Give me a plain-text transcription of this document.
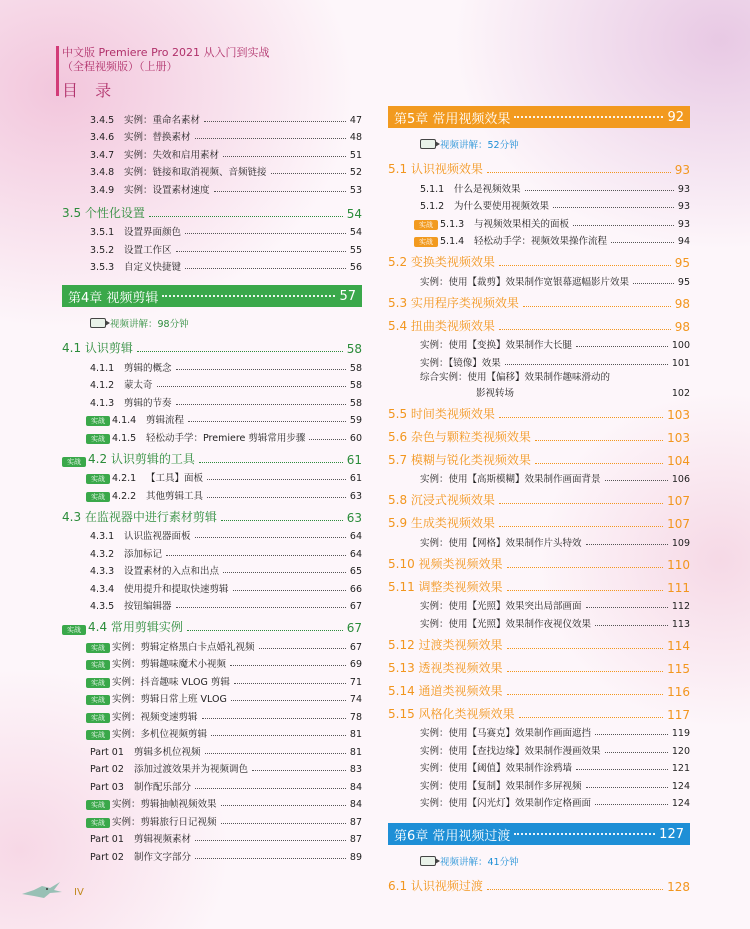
中文版 Premiere Pro 2021 从入门到实战
（全程视频版）（上册）
目 录
3.4.5	实例：重命名素材	47
3.4.6	实例：替换素材	48
3.4.7	实例：失效和启用素材	51
3.4.8	实例：链接和取消视频、音频链接	52
3.4.9	实例：设置素材速度	53
3.5 个性化设置	54
3.5.1	设置界面颜色	54
3.5.2	设置工作区	55
3.5.3	自定义快捷键	56
第4章 视频剪辑	57
视频讲解：98分钟
4.1 认识剪辑	58
4.1.1	剪辑的概念	58
4.1.2	蒙太奇	58
4.1.3	剪辑的节奏	58
实战 4.1.4	剪辑流程	59
实战 4.1.5	轻松动手学：Premiere 剪辑常用步骤	60
实战 4.2 认识剪辑的工具	61
实战 4.2.1	【工具】面板	61
实战 4.2.2	其他剪辑工具	63
4.3 在监视器中进行素材剪辑	63
4.3.1	认识监视器面板	64
4.3.2	添加标记	64
4.3.3	设置素材的入点和出点	65
4.3.4	使用提升和提取快速剪辑	66
4.3.5	按钮编辑器	67
实战 4.4 常用剪辑实例	67
实战 实例：剪辑定格黑白卡点婚礼视频	67
实战 实例：剪辑趣味魔术小视频	69
实战 实例：抖音趣味 VLOG 剪辑	71
实战 实例：剪辑日常上班 VLOG	74
实战 实例：视频变速剪辑	78
实战 实例：多机位视频剪辑	81
Part 01	剪辑多机位视频	81
Part 02	添加过渡效果并为视频调色	83
Part 03	制作配乐部分	84
实战 实例：剪辑抽帧视频效果	84
实战 实例：剪辑旅行日记视频	87
Part 01	剪辑视频素材	87
Part 02	制作文字部分	89
第5章 常用视频效果	92
视频讲解：52分钟
5.1 认识视频效果	93
5.1.1	什么是视频效果	93
5.1.2	为什么要使用视频效果	93
实战 5.1.3	与视频效果相关的面板	93
实战 5.1.4	轻松动手学：视频效果操作流程	94
5.2 变换类视频效果	95
实例：使用【裁剪】效果制作宽银幕遮幅影片效果	95
5.3 实用程序类视频效果	98
5.4 扭曲类视频效果	98
实例：使用【变换】效果制作大长腿	100
实例：【镜像】效果	101
综合实例：使用【偏移】效果制作趣味滑动的
影视转场	102
5.5 时间类视频效果	103
5.6 杂色与颗粒类视频效果	103
5.7 模糊与锐化类视频效果	104
实例：使用【高斯模糊】效果制作画面背景	106
5.8 沉浸式视频效果	107
5.9 生成类视频效果	107
实例：使用【网格】效果制作片头特效	109
5.10 视频类视频效果	110
5.11 调整类视频效果	111
实例：使用【光照】效果突出局部画面	112
实例：使用【光照】效果制作夜视仪效果	113
5.12 过渡类视频效果	114
5.13 透视类视频效果	115
5.14 通道类视频效果	116
5.15 风格化类视频效果	117
实例：使用【马赛克】效果制作画面遮挡	119
实例：使用【查找边缘】效果制作漫画效果	120
实例：使用【阈值】效果制作涂鸦墙	121
实例：使用【复制】效果制作多屏视频	124
实例：使用【闪光灯】效果制作定格画面	124
第6章 常用视频过渡	127
视频讲解：41分钟
6.1 认识视频过渡	128
IV
